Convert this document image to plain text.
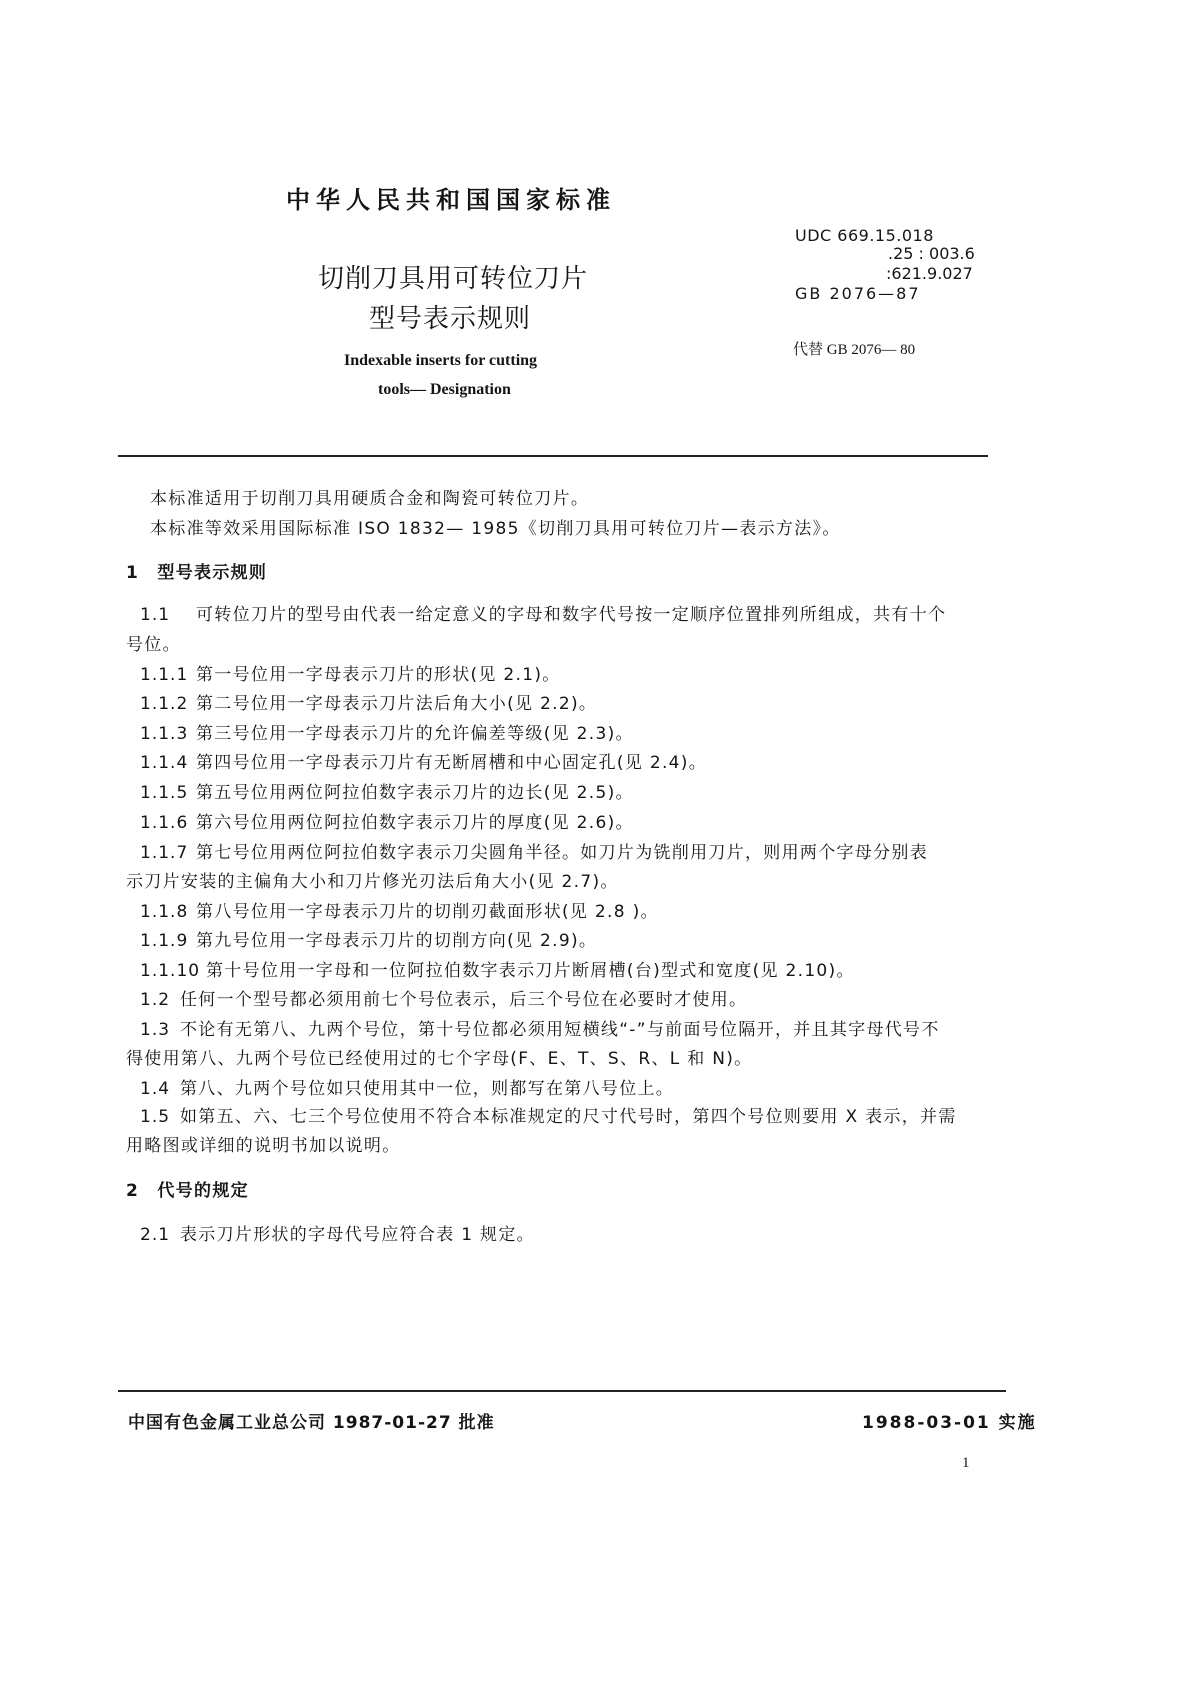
中华人民共和国国家标准
切削刀具用可转位刀片
型号表示规则
Indexable inserts for cutting
tools— Designation
UDC 669.15.018
.25 : 003.6
:621.9.027
GB 2076—87
代替 GB 2076— 80
本标准适用于切削刀具用硬质合金和陶瓷可转位刀片。
本标准等效采用国际标准 ISO 1832— 1985《切削刀具用可转位刀片—表示方法》。
1　型号表示规则
1.1 可转位刀片的型号由代表一给定意义的字母和数字代号按一定顺序位置排列所组成，共有十个
号位。
1.1.1 第一号位用一字母表示刀片的形状(见 2.1)。
1.1.2 第二号位用一字母表示刀片法后角大小(见 2.2)。
1.1.3 第三号位用一字母表示刀片的允许偏差等级(见 2.3)。
1.1.4 第四号位用一字母表示刀片有无断屑槽和中心固定孔(见 2.4)。
1.1.5 第五号位用两位阿拉伯数字表示刀片的边长(见 2.5)。
1.1.6 第六号位用两位阿拉伯数字表示刀片的厚度(见 2.6)。
1.1.7 第七号位用两位阿拉伯数字表示刀尖圆角半径。如刀片为铣削用刀片，则用两个字母分别表
示刀片安装的主偏角大小和刀片修光刃法后角大小(见 2.7)。
1.1.8 第八号位用一字母表示刀片的切削刃截面形状(见 2.8 )。
1.1.9 第九号位用一字母表示刀片的切削方向(见 2.9)。
1.1.10 第十号位用一字母和一位阿拉伯数字表示刀片断屑槽(台)型式和宽度(见 2.10)。
1.2 任何一个型号都必须用前七个号位表示，后三个号位在必要时才使用。
1.3 不论有无第八、九两个号位，第十号位都必须用短横线“-”与前面号位隔开，并且其字母代号不
得使用第八、九两个号位已经使用过的七个字母(F、E、T、S、R、L 和 N)。
1.4 第八、九两个号位如只使用其中一位，则都写在第八号位上。
1.5 如第五、六、七三个号位使用不符合本标准规定的尺寸代号时，第四个号位则要用 X 表示，并需
用略图或详细的说明书加以说明。
2　代号的规定
2.1 表示刀片形状的字母代号应符合表 1 规定。
中国有色金属工业总公司 1987-01-27 批准	1988-03-01 实施
1
